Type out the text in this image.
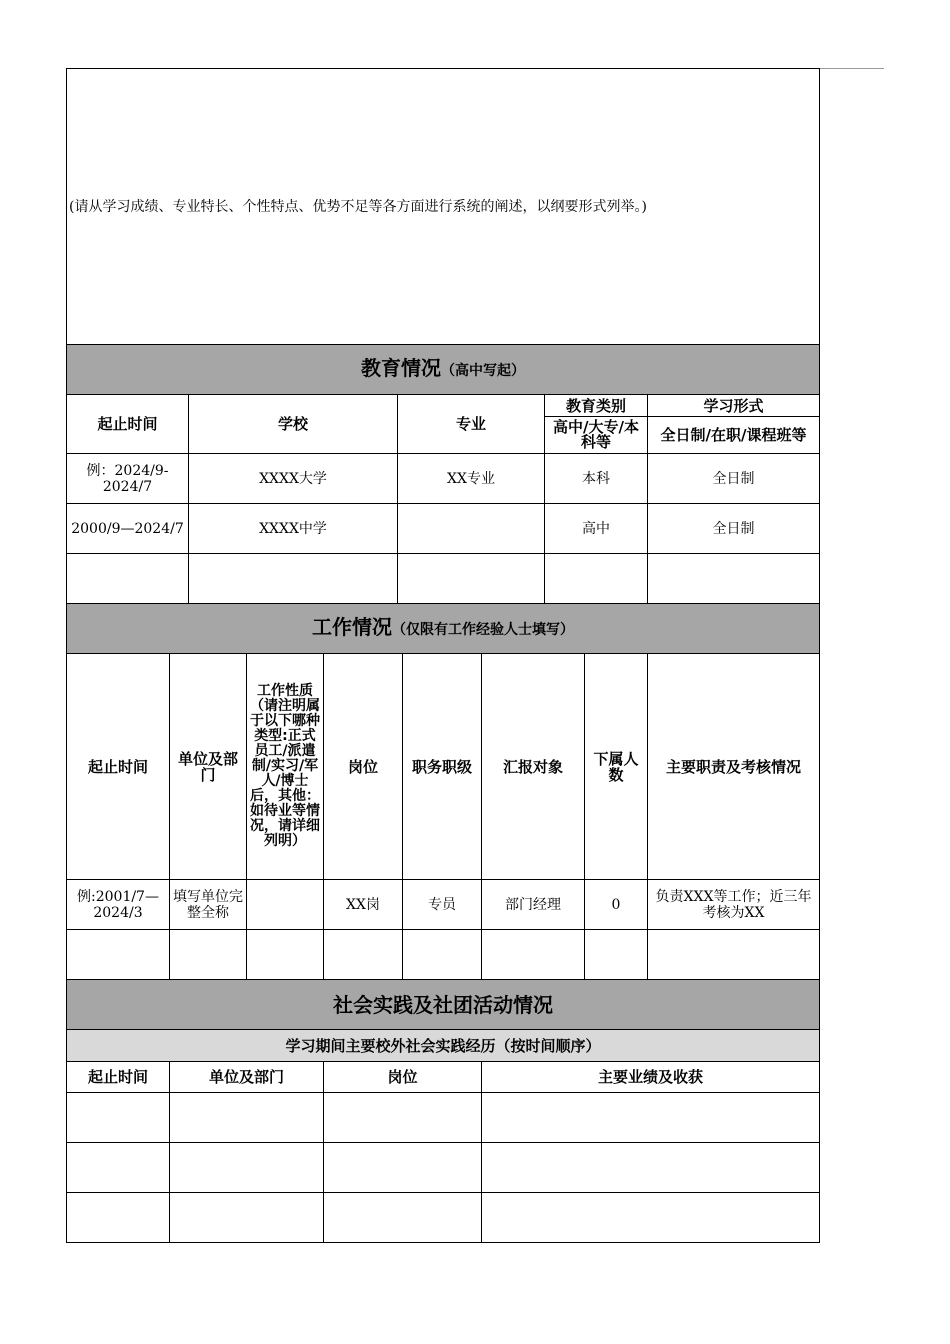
(请从学习成绩、专业特长、个性特点、优势不足等各方面进行系统的阐述，以纲要形式列举。)
教育情况（高中写起）
起止时间	学校	专业	教育类别	学习形式
			高中/大专/本科等	全日制/在职/课程班等
例：2024/9-2024/7	XXXX大学	XX专业	本科	全日制
2000/9—2024/7	XXXX中学		高中	全日制

工作情况（仅限有工作经验人士填写）				
起止时间	单位及部门	工作性质（请注明属于以下哪种类型:正式员工/派遣制/实习/军人/博士后，其他：如待业等情况，请详细列明）	岗位	职务职级	汇报对象	下属人数	主要职责及考核情况
例:2001/7—2024/3	填写单位完整全称		XX岗	专员	部门经理	0	负责XXX等工作；近三年考核为XX

社会实践及社团活动情况							
学习期间主要校外社会实践经历（按时间顺序）							
起止时间	单位及部门	岗位	主要业绩及收获
